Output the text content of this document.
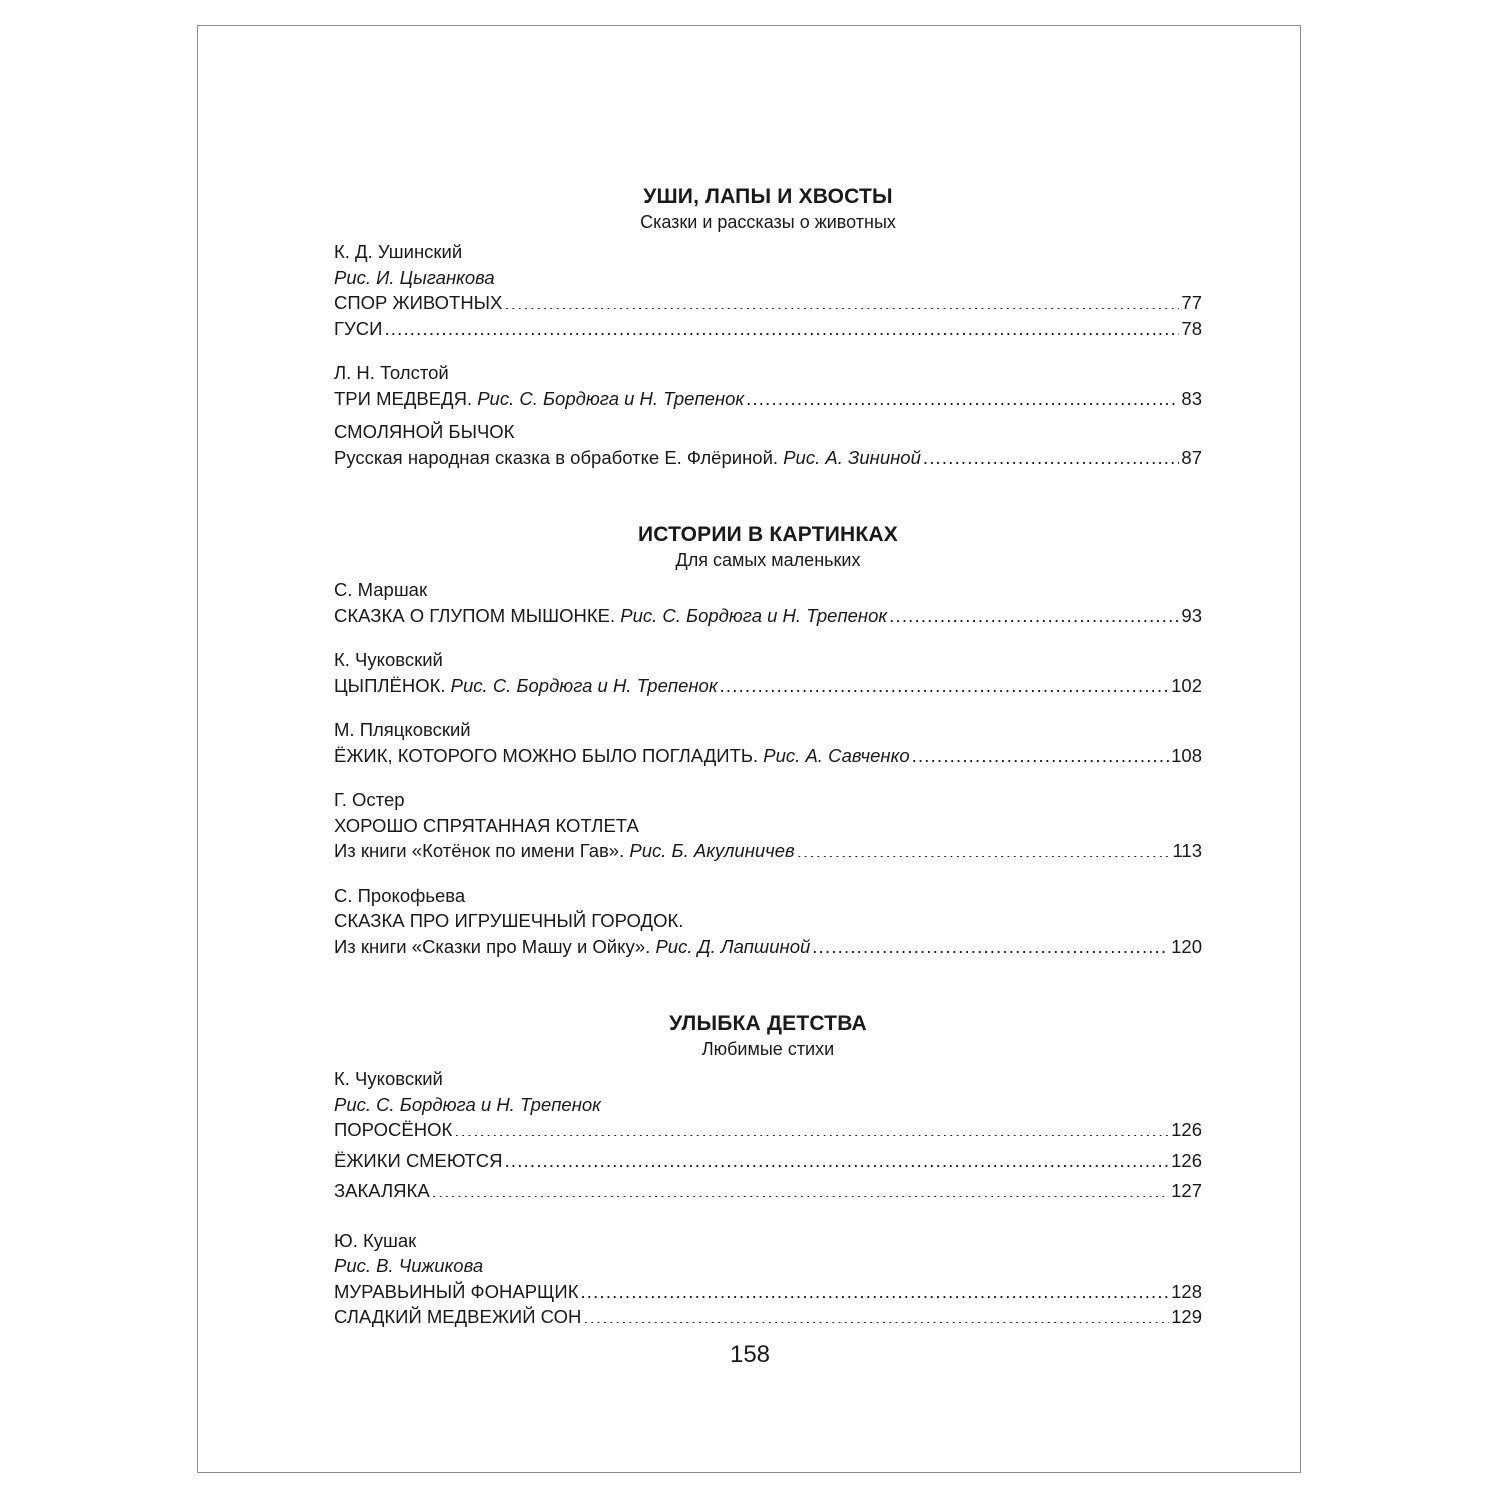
УШИ, ЛАПЫ И ХВОСТЫ
Сказки и рассказы о животных
К. Д. Ушинский
Рис. И. Цыганкова
СПОР ЖИВОТНЫХ .....	77
ГУСИ .....	78
Л. Н. Толстой
ТРИ МЕДВЕДЯ. Рис. С. Бордюга и Н. Трепенок .....	83
СМОЛЯНОЙ БЫЧОК
Русская народная сказка в обработке Е. Флёриной. Рис. А. Зининой .....	87
ИСТОРИИ В КАРТИНКАХ
Для самых маленьких
С. Маршак
СКАЗКА О ГЛУПОМ МЫШОНКЕ. Рис. С. Бордюга и Н. Трепенок .....	93
К. Чуковский
ЦЫПЛЁНОК. Рис. С. Бордюга и Н. Трепенок .....	102
М. Пляцковский
ЁЖИК, КОТОРОГО МОЖНО БЫЛО ПОГЛАДИТЬ. Рис. А. Савченко .....	108
Г. Остер
ХОРОШО СПРЯТАННАЯ КОТЛЕТА
Из книги «Котёнок по имени Гав». Рис. Б. Акулиничев .....	113
С. Прокофьева
СКАЗКА ПРО ИГРУШЕЧНЫЙ ГОРОДОК.
Из книги «Сказки про Машу и Ойку». Рис. Д. Лапшиной .....	120
УЛЫБКА ДЕТСТВА
Любимые стихи
К. Чуковский
Рис. С. Бордюга и Н. Трепенок
ПОРОСЁНОК .....	126
ЁЖИКИ СМЕЮТСЯ .....	126
ЗАКАЛЯКА .....	127
Ю. Кушак
Рис. В. Чижикова
МУРАВЬИНЫЙ ФОНАРЩИК .....	128
СЛАДКИЙ МЕДВЕЖИЙ СОН .....	129
158
